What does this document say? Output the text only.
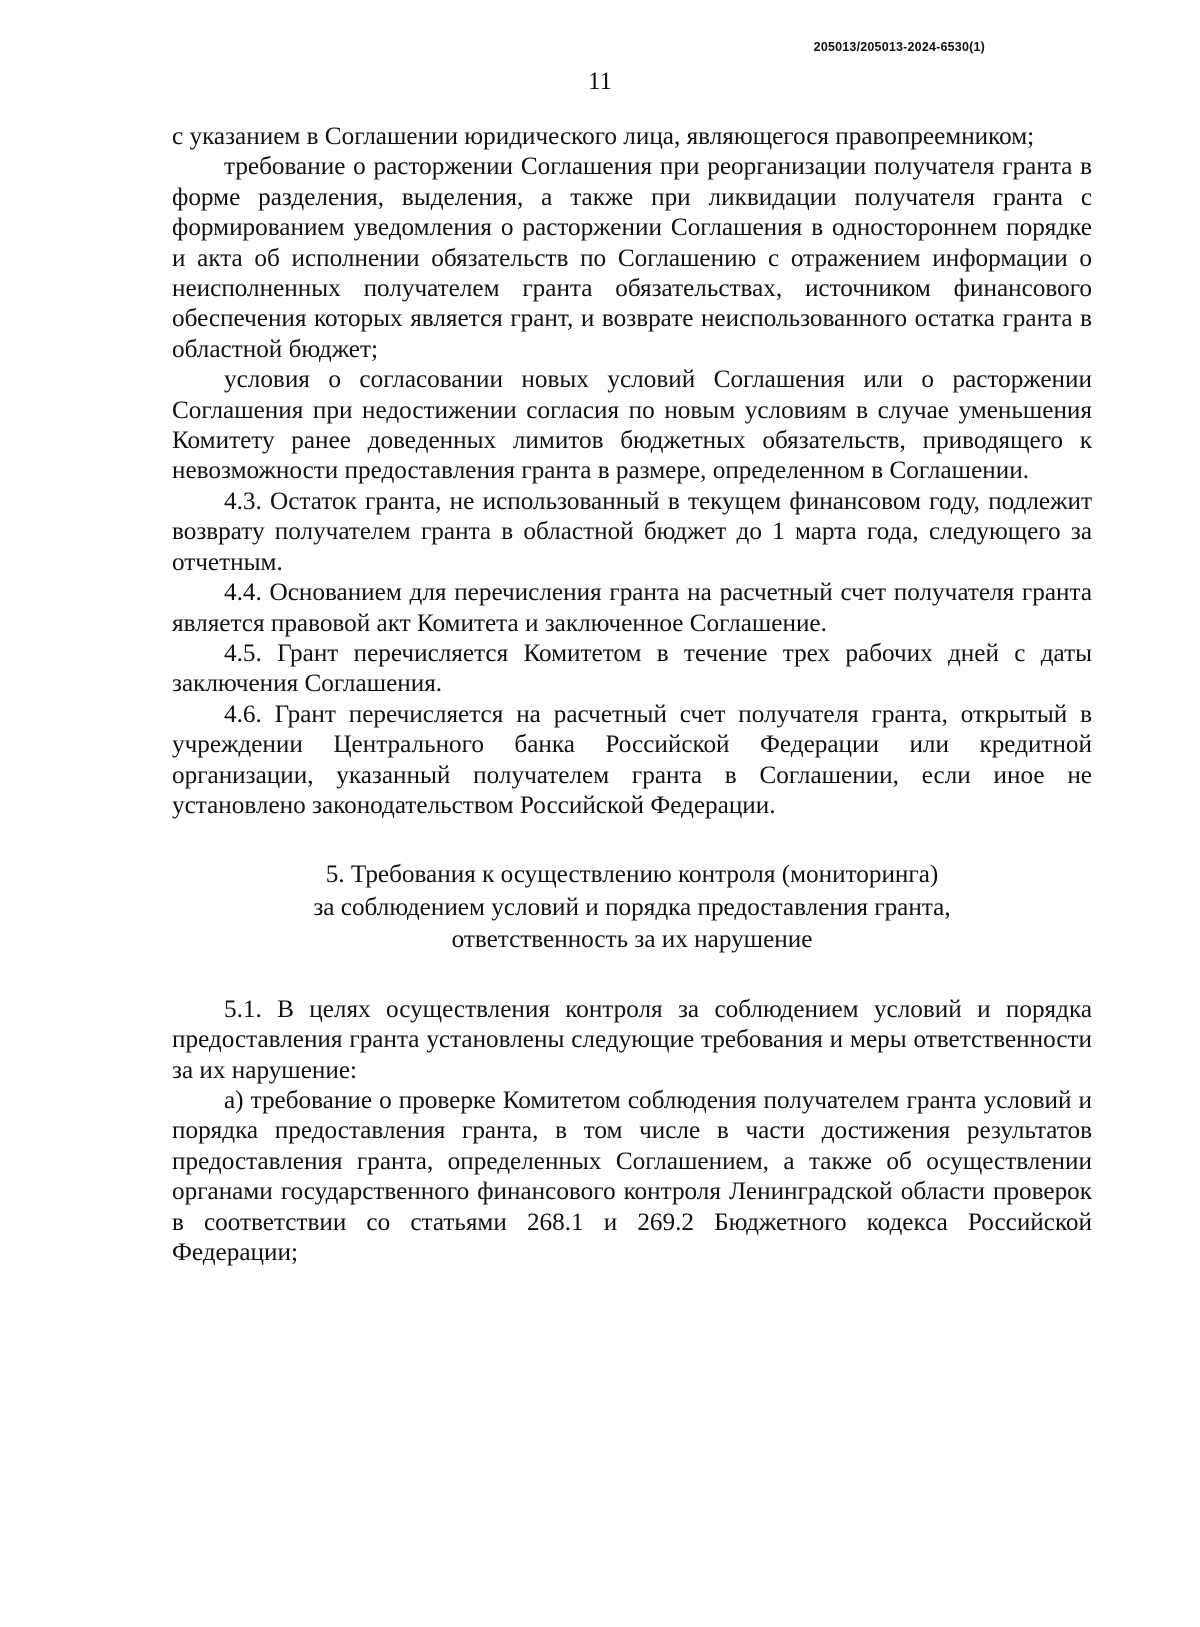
205013/205013-2024-6530(1)
11

с указанием в Соглашении юридического лица, являющегося правопреемником;

требование о расторжении Соглашения при реорганизации получателя гранта в форме разделения, выделения, а также при ликвидации получателя гранта с формированием уведомления о расторжении Соглашения в одностороннем порядке и акта об исполнении обязательств по Соглашению с отражением информации о неисполненных получателем гранта обязательствах, источником финансового обеспечения которых является грант, и возврате неиспользованного остатка гранта в областной бюджет;

условия о согласовании новых условий Соглашения или о расторжении Соглашения при недостижении согласия по новым условиям в случае уменьшения Комитету ранее доведенных лимитов бюджетных обязательств, приводящего к невозможности предоставления гранта в размере, определенном в Соглашении.

4.3. Остаток гранта, не использованный в текущем финансовом году, подлежит возврату получателем гранта в областной бюджет до 1 марта года, следующего за отчетным.

4.4. Основанием для перечисления гранта на расчетный счет получателя гранта является правовой акт Комитета и заключенное Соглашение.

4.5. Грант перечисляется Комитетом в течение трех рабочих дней с даты заключения Соглашения.

4.6. Грант перечисляется на расчетный счет получателя гранта, открытый в учреждении Центрального банка Российской Федерации или кредитной организации, указанный получателем гранта в Соглашении, если иное не установлено законодательством Российской Федерации.

5. Требования к осуществлению контроля (мониторинга)
за соблюдением условий и порядка предоставления гранта,
ответственность за их нарушение

5.1. В целях осуществления контроля за соблюдением условий и порядка предоставления гранта установлены следующие требования и меры ответственности за их нарушение:

а) требование о проверке Комитетом соблюдения получателем гранта условий и порядка предоставления гранта, в том числе в части достижения результатов предоставления гранта, определенных Соглашением, а также об осуществлении органами государственного финансового контроля Ленинградской области проверок в соответствии со статьями 268.1 и 269.2 Бюджетного кодекса Российской Федерации;
